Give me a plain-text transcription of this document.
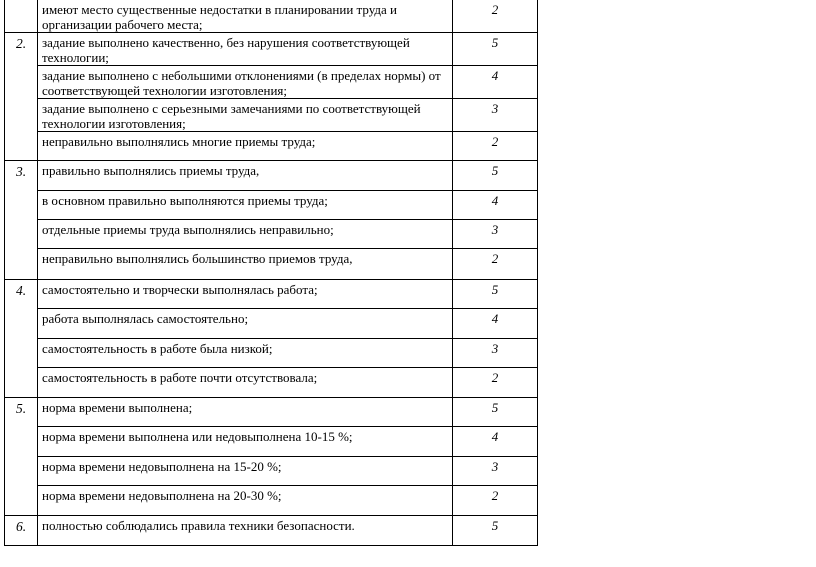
	имеют место существенные недостатки в планировании труда и организации рабочего места;	2

2.	задание выполнено качественно, без нарушения соответствующей технологии;	5
	задание выполнено с небольшими отклонениями (в пределах нормы) от соответствующей технологии изготовления;	4
	задание выполнено с серьезными замечаниями по соответствующей технологии изготовления;	3
	неправильно выполнялись многие приемы труда;	2

3.	правильно выполнялись приемы труда,	5
	в основном правильно выполняются приемы труда;	4
	отдельные приемы труда выполнялись неправильно;	3
	неправильно выполнялись большинство приемов труда,	2

4.	самостоятельно и творчески выполнялась работа;	5
	работа выполнялась самостоятельно;	4
	самостоятельность в работе была низкой;	3
	самостоятельность в работе почти отсутствовала;	2

5.	норма времени выполнена;	5
	норма времени выполнена или недовыполнена 10-15 %;	4
	норма времени недовыполнена на 15-20 %;	3
	норма времени недовыполнена на 20-30 %;	2

6.	полностью соблюдались правила техники безопасности.	5
